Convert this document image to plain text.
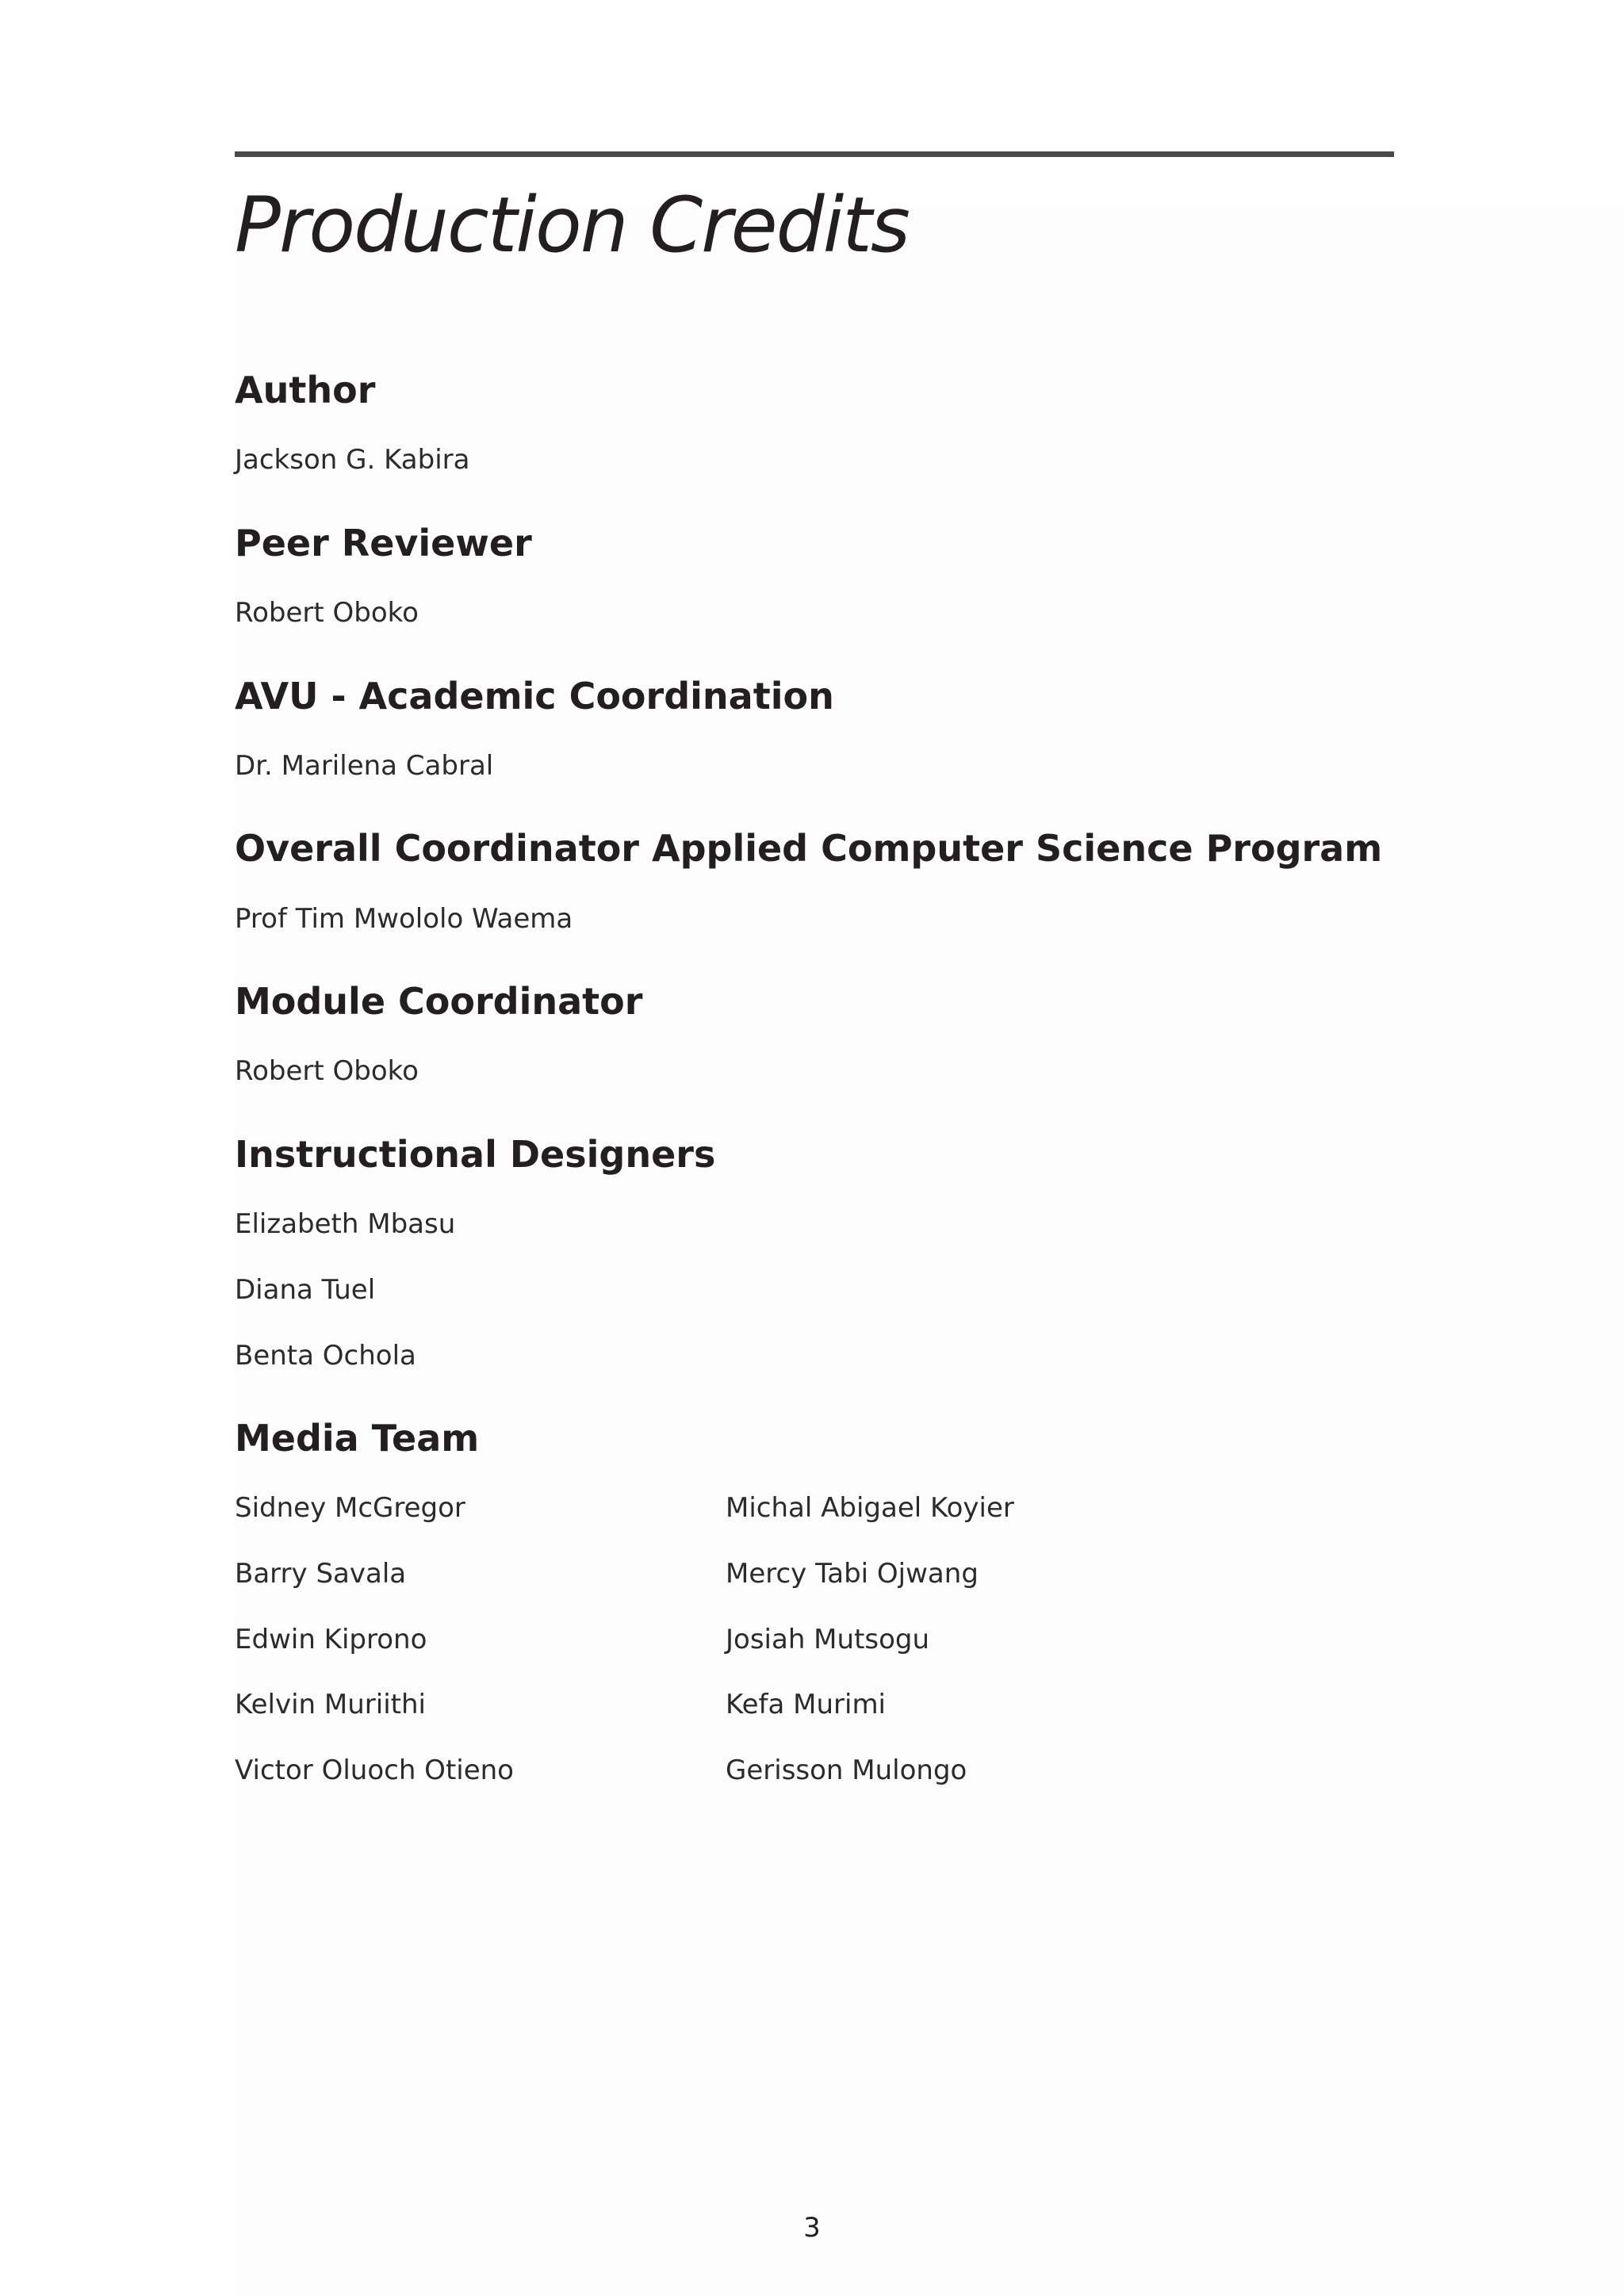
Production Credits
Author

Jackson G. Kabira

Peer Reviewer

Robert Oboko

AVU - Academic Coordination

Dr. Marilena Cabral

Overall Coordinator Applied Computer Science Program

Prof Tim Mwololo Waema

Module Coordinator

Robert Oboko

Instructional Designers

Elizabeth Mbasu

Diana Tuel

Benta Ochola

Media Team

Sidney McGregor

Barry Savala

Edwin Kiprono

Kelvin Muriithi

Victor Oluoch Otieno

Michal Abigael Koyier

Mercy Tabi Ojwang

Josiah Mutsogu

Kefa Murimi

Gerisson Mulongo

3
